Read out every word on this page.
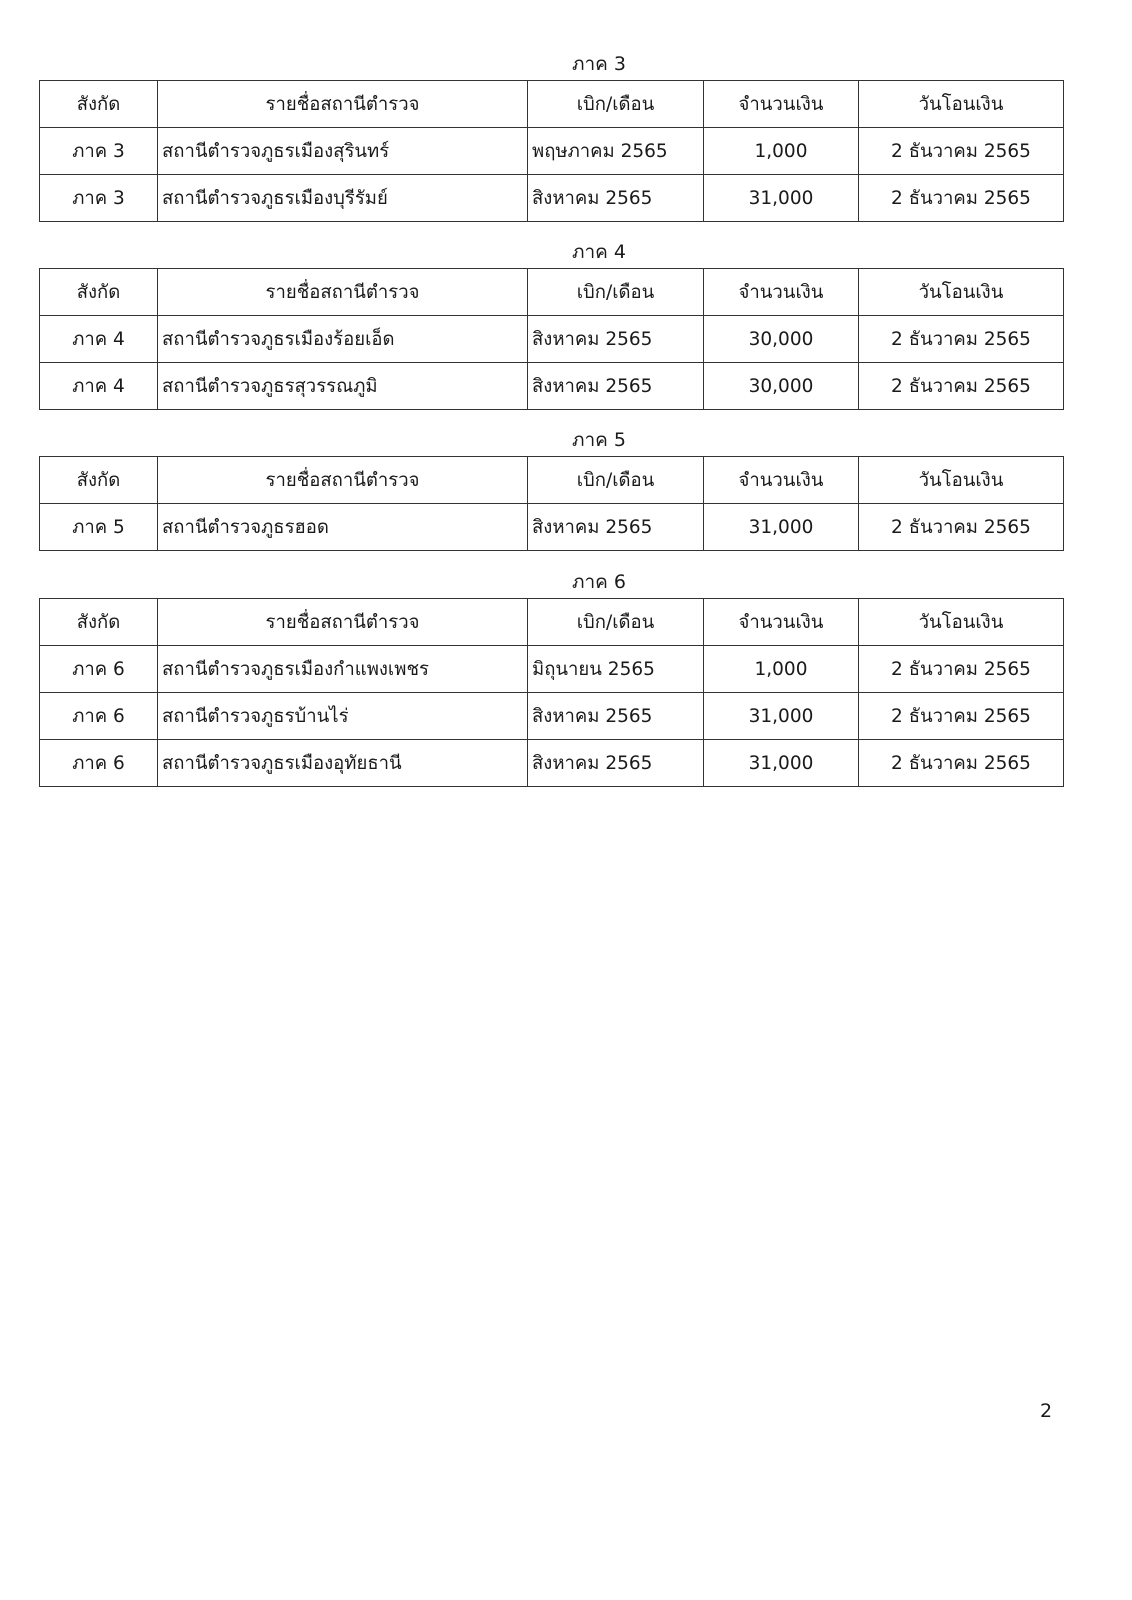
ภาค 3
สังกัด	รายชื่อสถานีตำรวจ	เบิก/เดือน	จำนวนเงิน	วันโอนเงิน
ภาค 3	สถานีตำรวจภูธรเมืองสุรินทร์	พฤษภาคม 2565	1,000	2 ธันวาคม 2565
ภาค 3	สถานีตำรวจภูธรเมืองบุรีรัมย์	สิงหาคม 2565	31,000	2 ธันวาคม 2565
ภาค 4
สังกัด	รายชื่อสถานีตำรวจ	เบิก/เดือน	จำนวนเงิน	วันโอนเงิน
ภาค 4	สถานีตำรวจภูธรเมืองร้อยเอ็ด	สิงหาคม 2565	30,000	2 ธันวาคม 2565
ภาค 4	สถานีตำรวจภูธรสุวรรณภูมิ	สิงหาคม 2565	30,000	2 ธันวาคม 2565
ภาค 5
สังกัด	รายชื่อสถานีตำรวจ	เบิก/เดือน	จำนวนเงิน	วันโอนเงิน
ภาค 5	สถานีตำรวจภูธรฮอด	สิงหาคม 2565	31,000	2 ธันวาคม 2565
ภาค 6
สังกัด	รายชื่อสถานีตำรวจ	เบิก/เดือน	จำนวนเงิน	วันโอนเงิน
ภาค 6	สถานีตำรวจภูธรเมืองกำแพงเพชร	มิถุนายน 2565	1,000	2 ธันวาคม 2565
ภาค 6	สถานีตำรวจภูธรบ้านไร่	สิงหาคม 2565	31,000	2 ธันวาคม 2565
ภาค 6	สถานีตำรวจภูธรเมืองอุทัยธานี	สิงหาคม 2565	31,000	2 ธันวาคม 2565
2
